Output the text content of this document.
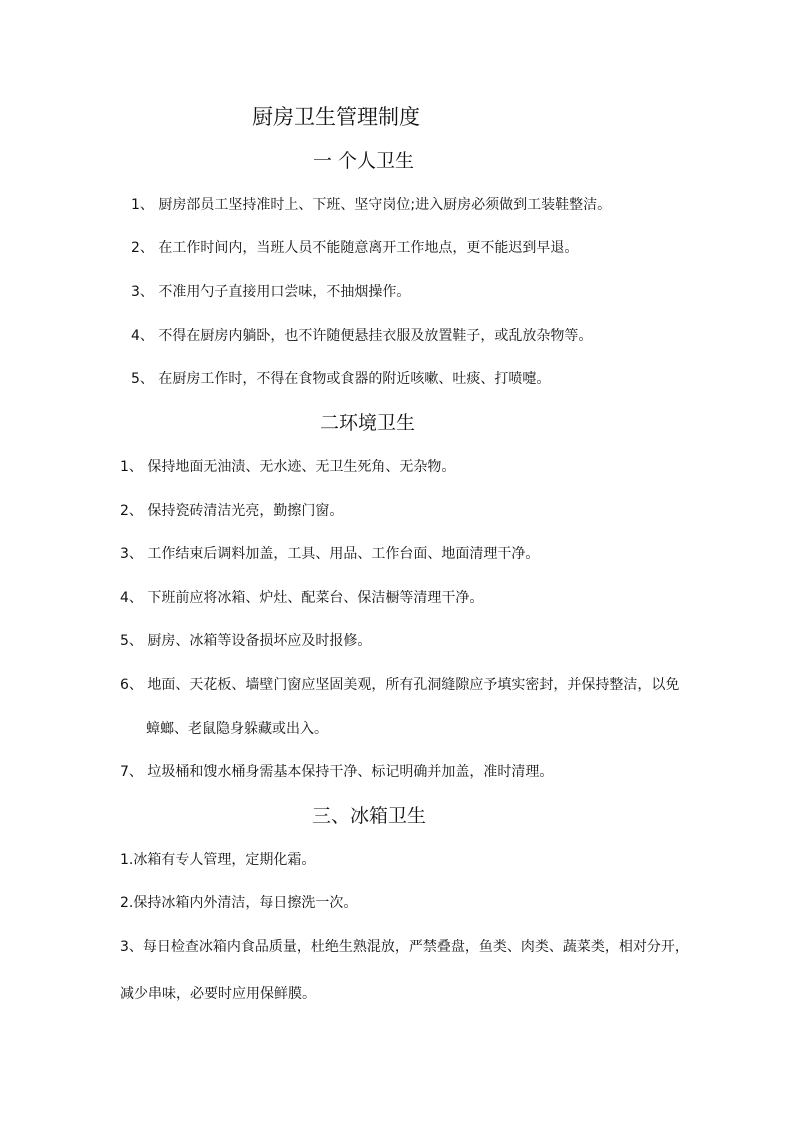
厨房卫生管理制度
一 个人卫生
1、 厨房部员工坚持准时上、下班、坚守岗位;进入厨房必须做到工装鞋整洁。
2、 在工作时间内，当班人员不能随意离开工作地点，更不能迟到早退。
3、 不准用勺子直接用口尝味，不抽烟操作。
4、 不得在厨房内躺卧，也不许随便悬挂衣服及放置鞋子，或乱放杂物等。
5、 在厨房工作时，不得在食物或食器的附近咳嗽、吐痰、打喷嚏。
二环境卫生
1、 保持地面无油渍、无水迹、无卫生死角、无杂物。
2、 保持瓷砖清洁光亮，勤擦门窗。
3、 工作结束后调料加盖，工具、用品、工作台面、地面清理干净。
4、 下班前应将冰箱、炉灶、配菜台、保洁橱等清理干净。
5、 厨房、冰箱等设备损坏应及时报修。
6、 地面、天花板、墙壁门窗应坚固美观，所有孔洞缝隙应予填实密封，并保持整洁，以免
蟑螂、老鼠隐身躲藏或出入。
7、 垃圾桶和馊水桶身需基本保持干净、标记明确并加盖，准时清理。
三、冰箱卫生
1.冰箱有专人管理，定期化霜。
2.保持冰箱内外清洁，每日擦洗一次。
3、每日检查冰箱内食品质量，杜绝生熟混放，严禁叠盘，鱼类、肉类、蔬菜类，相对分开，
减少串味，必要时应用保鲜膜。
